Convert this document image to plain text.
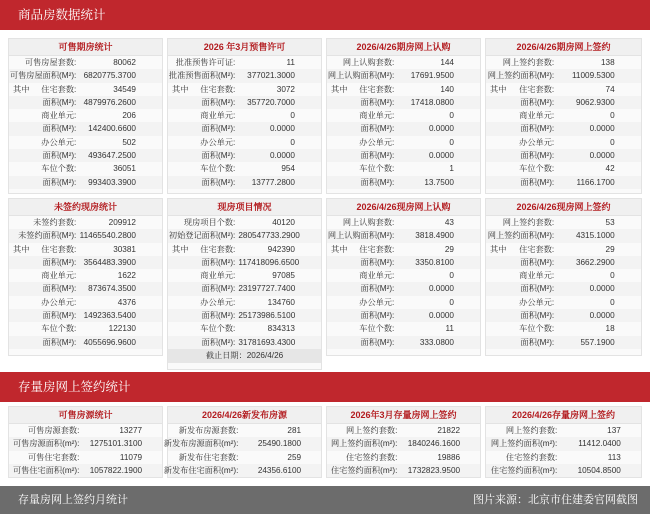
商品房数据统计
可售期房统计
可售房屋套数:	80062
可售房屋面积(M²): 6820775.3700
其中 住宅套数:	34549
面积(M²): 4879976.2600
商业单元:	206
面积(M²):	142400.6600
办公单元:	502
面积(M²):	493647.2500
车位个数:	36051
面积(M²):	993403.3900
2026 年3月预售许可
批准预售许可证:	11
批准预售面积(M²):	377021.3000
其中 住宅套数:	3072
面积(M²):	357720.7000
商业单元:	0
面积(M²):	0.0000
办公单元:	0
面积(M²):	0.0000
车位个数:	954
面积(M²):	13777.2800
2026/4/26期房网上认购
网上认购套数:	144
网上认购面积(M²):	17691.9500
其中 住宅套数:	140
面积(M²):	17418.0800
商业单元:	0
面积(M²):	0.0000
办公单元:	0
面积(M²):	0.0000
车位个数:	1
面积(M²):	13.7500
2026/4/26期房网上签约
网上签约套数:	138
网上签约面积(M²):	11009.5300
其中 住宅套数:	74
面积(M²):	9062.9300
商业单元:	0
面积(M²):	0.0000
办公单元:	0
面积(M²):	0.0000
车位个数:	42
面积(M²):	1166.1700
未签约现房统计
未签约套数:	209912
未签约面积(M²): 11465540.2800
其中 住宅套数:	30381
面积(M²): 3564483.3900
商业单元:	1622
面积(M²):	873674.3500
办公单元:	4376
面积(M²): 1492363.5400
车位个数:	122130
面积(M²): 4055696.9600
现房项目情况
现房项目个数:	40120
初始登记面积(M²): 280547733.2900
其中 住宅套数:	942390
面积(M²): 117418096.6500
商业单元:	97085
面积(M²): 23197727.7400
办公单元:	134760
面积(M²): 25173986.5100
车位个数:	834313
面积(M²): 31781693.4300
截止日期：2026/4/26
2026/4/26现房网上认购
网上认购套数:	43
网上认购面积(M²):	3818.4900
其中 住宅套数:	29
面积(M²):	3350.8100
商业单元:	0
面积(M²):	0.0000
办公单元:	0
面积(M²):	0.0000
车位个数:	11
面积(M²):	333.0800
2026/4/26现房网上签约
网上签约套数:	53
网上签约面积(M²):	4315.1000
其中 住宅套数:	29
面积(M²):	3662.2900
商业单元:	0
面积(M²):	0.0000
办公单元:	0
面积(M²):	0.0000
车位个数:	18
面积(M²):	557.1900
存量房网上签约统计
可售房源统计
可售房源套数:	13277
可售房源面积(m²):	1275101.3100
可售住宅套数:	11079
可售住宅面积(m²):	1057822.1900
2026/4/26新发布房源
新发布房源套数:	281
新发布房源面积(m²):	25490.1800
新发布住宅套数:	259
新发布住宅面积(m²):	24356.6100
2026年3月存量房网上签约
网上签约套数:	21822
网上签约面积(m²):	1840246.1600
住宅签约套数:	19886
住宅签约面积(m²):	1732823.9500
2026/4/26存量房网上签约
网上签约套数:	137
网上签约面积(m²):	11412.0400
住宅签约套数:	113
住宅签约面积(m²):	10504.8500
存量房网上签约月统计	图片来源：北京市住建委官网截图
